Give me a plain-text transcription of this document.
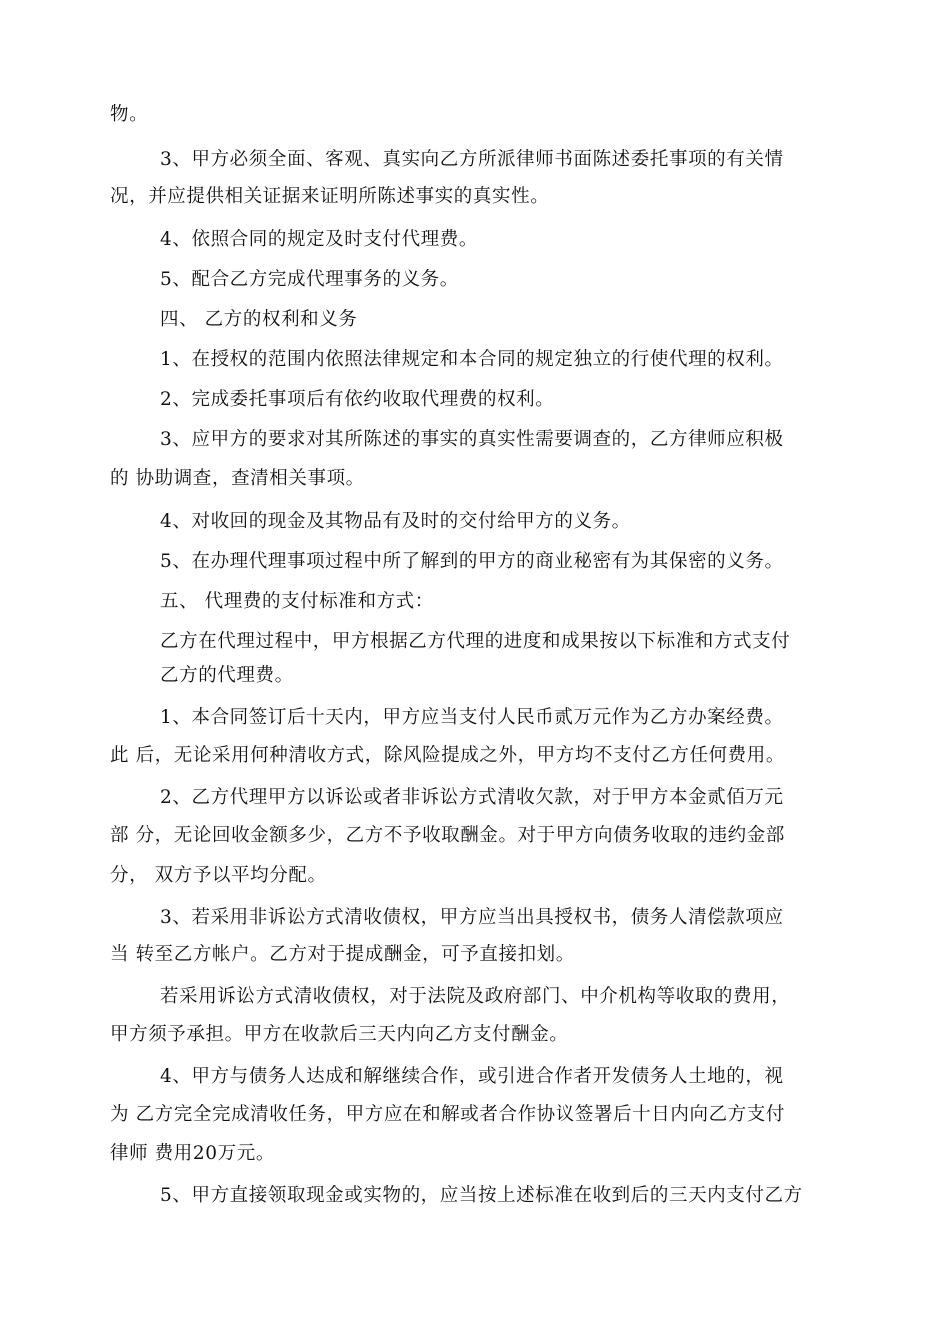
物。
3、甲方必须全面、客观、真实向乙方所派律师书面陈述委托事项的有关情
况，并应提供相关证据来证明所陈述事实的真实性。
4、依照合同的规定及时支付代理费。
5、配合乙方完成代理事务的义务。
四、 乙方的权利和义务
1、在授权的范围内依照法律规定和本合同的规定独立的行使代理的权利。
2、完成委托事项后有依约收取代理费的权利。
3、应甲方的要求对其所陈述的事实的真实性需要调查的，乙方律师应积极
的 协助调查，查清相关事项。
4、对收回的现金及其物品有及时的交付给甲方的义务。
5、在办理代理事项过程中所了解到的甲方的商业秘密有为其保密的义务。
五、 代理费的支付标准和方式：
乙方在代理过程中，甲方根据乙方代理的进度和成果按以下标准和方式支付
乙方的代理费。
1、本合同签订后十天内，甲方应当支付人民币贰万元作为乙方办案经费。
此 后，无论采用何种清收方式，除风险提成之外，甲方均不支付乙方任何费用。
2、乙方代理甲方以诉讼或者非诉讼方式清收欠款，对于甲方本金贰佰万元
部 分，无论回收金额多少，乙方不予收取酬金。对于甲方向债务收取的违约金部
分， 双方予以平均分配。
3、若采用非诉讼方式清收债权，甲方应当出具授权书，债务人清偿款项应
当 转至乙方帐户。乙方对于提成酬金，可予直接扣划。
若采用诉讼方式清收债权，对于法院及政府部门、中介机构等收取的费用，
甲方须予承担。甲方在收款后三天内向乙方支付酬金。
4、甲方与债务人达成和解继续合作，或引进合作者开发债务人土地的，视
为 乙方完全完成清收任务，甲方应在和解或者合作协议签署后十日内向乙方支付
律师 费用20万元。
5、甲方直接领取现金或实物的，应当按上述标准在收到后的三天内支付乙方
